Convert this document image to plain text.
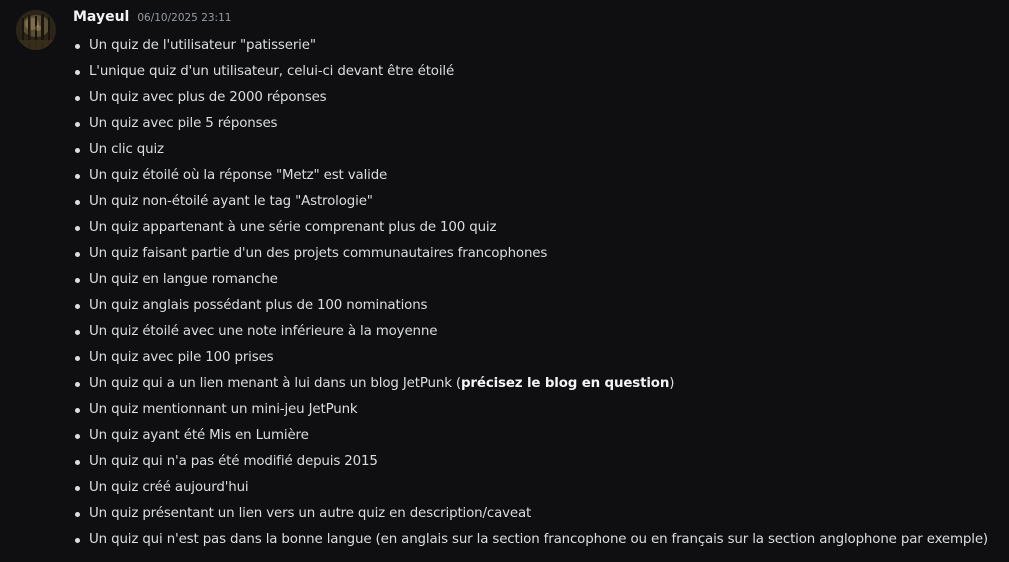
Mayeul 06/10/2025 23:11
Un quiz de l'utilisateur "patisserie"
L'unique quiz d'un utilisateur, celui-ci devant être étoilé
Un quiz avec plus de 2000 réponses
Un quiz avec pile 5 réponses
Un clic quiz
Un quiz étoilé où la réponse "Metz" est valide
Un quiz non-étoilé ayant le tag "Astrologie"
Un quiz appartenant à une série comprenant plus de 100 quiz
Un quiz faisant partie d'un des projets communautaires francophones
Un quiz en langue romanche
Un quiz anglais possédant plus de 100 nominations
Un quiz étoilé avec une note inférieure à la moyenne
Un quiz avec pile 100 prises
Un quiz qui a un lien menant à lui dans un blog JetPunk (précisez le blog en question)
Un quiz mentionnant un mini-jeu JetPunk
Un quiz ayant été Mis en Lumière
Un quiz qui n'a pas été modifié depuis 2015
Un quiz créé aujourd'hui
Un quiz présentant un lien vers un autre quiz en description/caveat
Un quiz qui n'est pas dans la bonne langue (en anglais sur la section francophone ou en français sur la section anglophone par exemple)
